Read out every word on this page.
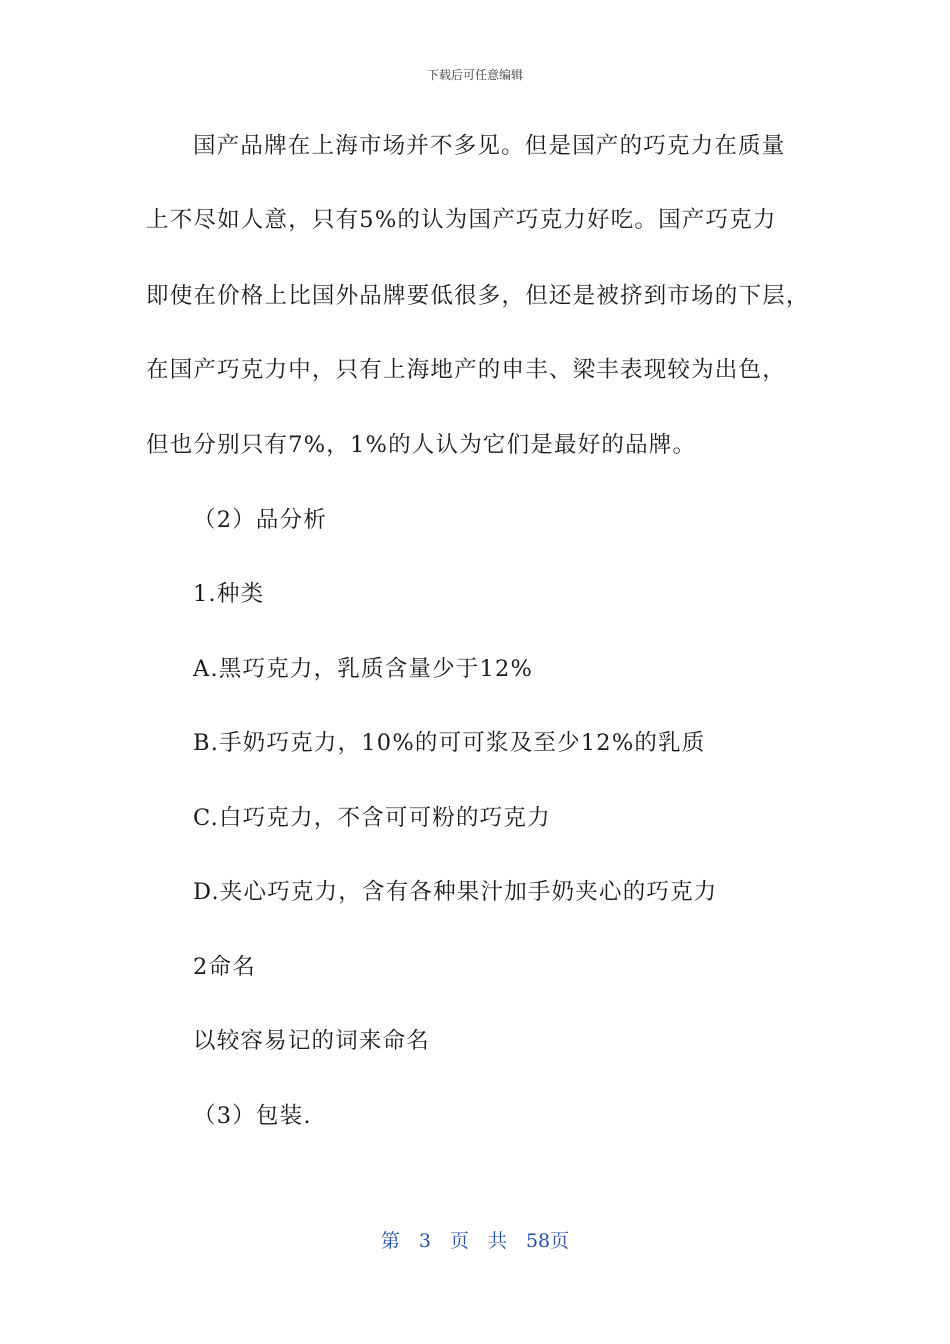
下载后可任意编辑
国产品牌在上海市场并不多见。但是国产的巧克力在质量
上不尽如人意，只有5%的认为国产巧克力好吃。国产巧克力
即使在价格上比国外品牌要低很多，但还是被挤到市场的下层，
在国产巧克力中，只有上海地产的申丰、梁丰表现较为出色，
但也分别只有7%，1%的人认为它们是最好的品牌。
（2）品分析
1.种类
A.黑巧克力，乳质含量少于12%
B.手奶巧克力，10%的可可浆及至少12%的乳质
C.白巧克力，不含可可粉的巧克力
D.夹心巧克力，含有各种果汁加手奶夹心的巧克力
2命名
以较容易记的词来命名
（3）包装.
第　3　页　共　58页
